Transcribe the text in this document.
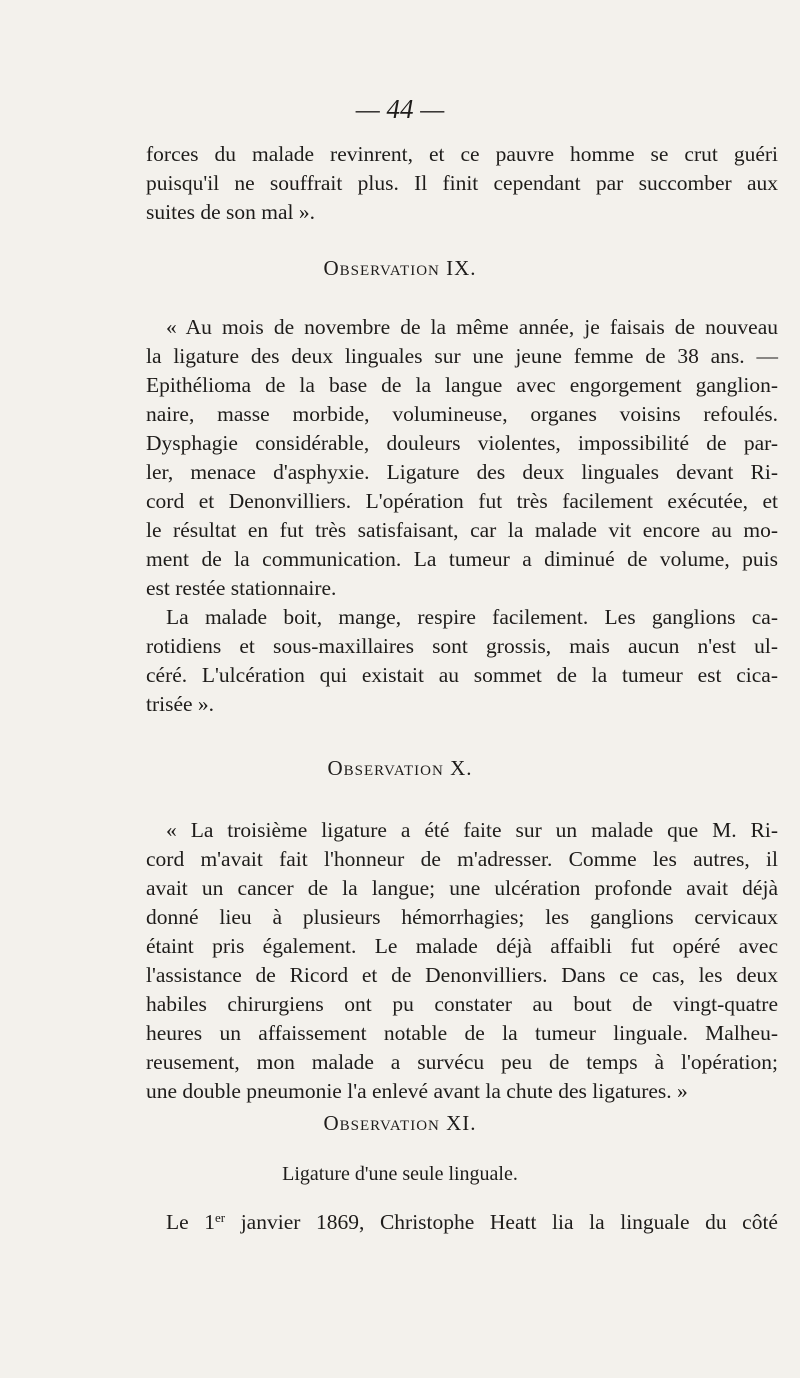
— 44 —
forces du malade revinrent, et ce pauvre homme se crut guéri
puisqu'il ne souffrait plus. Il finit cependant par succomber aux
suites de son mal ».
Observation IX.
« Au mois de novembre de la même année, je faisais de nouveau
la ligature des deux linguales sur une jeune femme de 38 ans. —
Epithélioma de la base de la langue avec engorgement ganglion-
naire, masse morbide, volumineuse, organes voisins refoulés.
Dysphagie considérable, douleurs violentes, impossibilité de par-
ler, menace d'asphyxie. Ligature des deux linguales devant Ri-
cord et Denonvilliers. L'opération fut très facilement exécutée, et
le résultat en fut très satisfaisant, car la malade vit encore au mo-
ment de la communication. La tumeur a diminué de volume, puis
est restée stationnaire.
La malade boit, mange, respire facilement. Les ganglions ca-
rotidiens et sous-maxillaires sont grossis, mais aucun n'est ul-
céré. L'ulcération qui existait au sommet de la tumeur est cica-
trisée ».
Observation X.
« La troisième ligature a été faite sur un malade que M. Ri-
cord m'avait fait l'honneur de m'adresser. Comme les autres, il
avait un cancer de la langue; une ulcération profonde avait déjà
donné lieu à plusieurs hémorrhagies; les ganglions cervicaux
étaint pris également. Le malade déjà affaibli fut opéré avec
l'assistance de Ricord et de Denonvilliers. Dans ce cas, les deux
habiles chirurgiens ont pu constater au bout de vingt-quatre
heures un affaissement notable de la tumeur linguale. Malheu-
reusement, mon malade a survécu peu de temps à l'opération;
une double pneumonie l'a enlevé avant la chute des ligatures. »
Observation XI.
Ligature d'une seule linguale.
Le 1er janvier 1869, Christophe Heatt lia la linguale du côté
